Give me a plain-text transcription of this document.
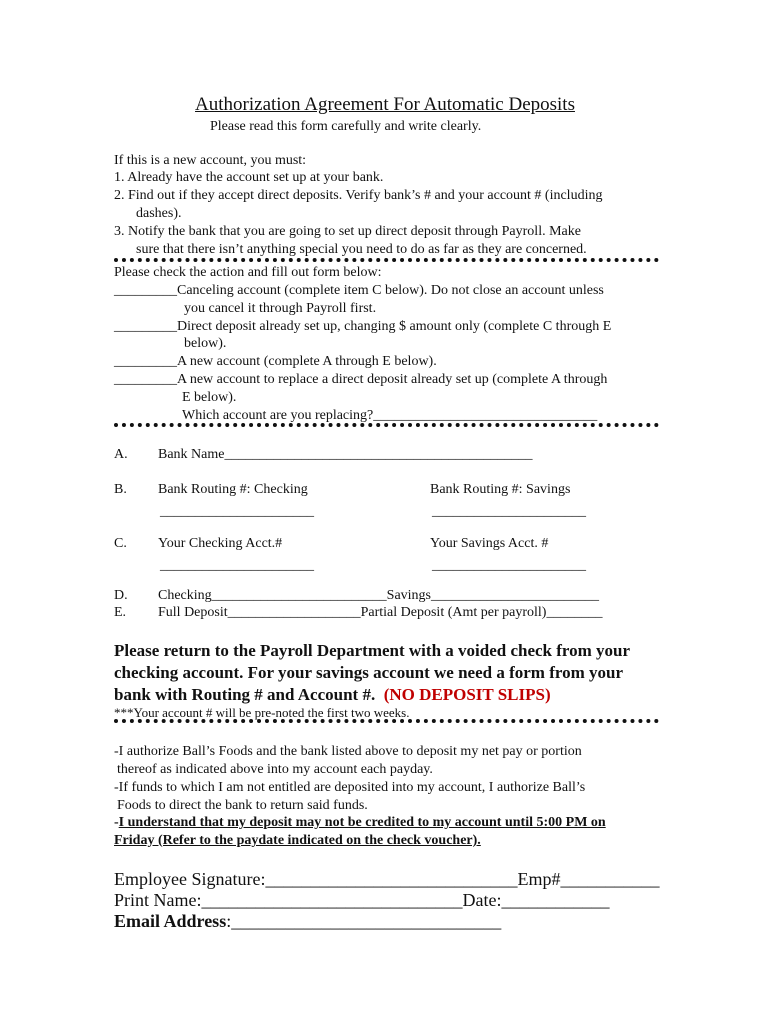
Authorization Agreement For Automatic Deposits
Please read this form carefully and write clearly.
If this is a new account, you must:
1. Already have the account set up at your bank.
2. Find out if they accept direct deposits. Verify bank’s # and your account # (including
dashes).
3. Notify the bank that you are going to set up direct deposit through Payroll. Make
sure that there isn’t anything special you need to do as far as they are concerned.
Please check the action and fill out form below:
_________Canceling account (complete item C below). Do not close an account unless
you cancel it through Payroll first.
_________Direct deposit already set up, changing $ amount only (complete C through E
below).
_________A new account (complete A through E below).
_________A new account to replace a direct deposit already set up (complete A through
E below).
Which account are you replacing?________________________________
A. Bank Name____________________________________________
B. Bank Routing #: Checking	Bank Routing #: Savings
______________________	______________________
C. Your Checking Acct.#	Your Savings Acct. #
______________________	______________________
D. Checking_________________________Savings________________________
E. Full Deposit___________________Partial Deposit (Amt per payroll)________
Please return to the Payroll Department with a voided check from your
checking account. For your savings account we need a form from your
bank with Routing # and Account #. (NO DEPOSIT SLIPS)
***Your account # will be pre-noted the first two weeks.
-I authorize Ball’s Foods and the bank listed above to deposit my net pay or portion
thereof as indicated above into my account each payday.
-If funds to which I am not entitled are deposited into my account, I authorize Ball’s
Foods to direct the bank to return said funds.
-I understand that my deposit may not be credited to my account until 5:00 PM on
Friday (Refer to the paydate indicated on the check voucher).
Employee Signature:____________________________Emp#___________
Print Name:_____________________________Date:____________
Email Address:______________________________
